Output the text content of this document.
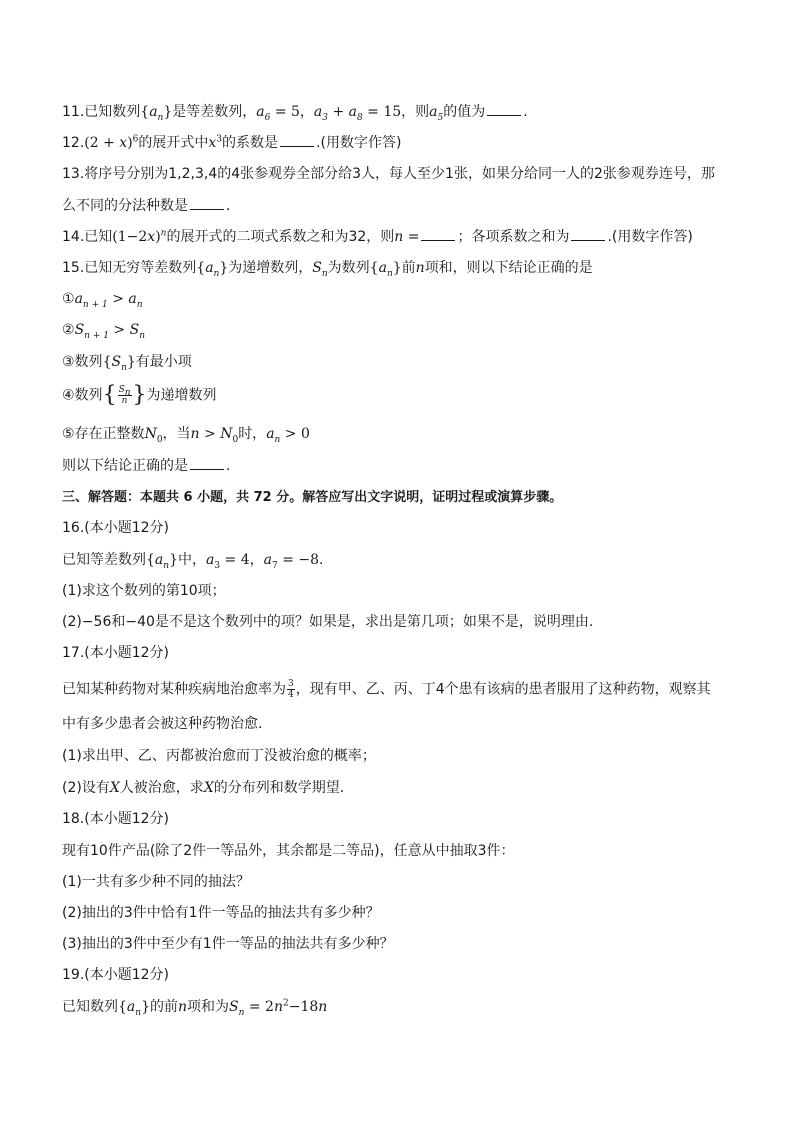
11.已知数列$\{a_n\}$是等差数列，$a_6 = 5$，$a_3 + a_8 = 15$，则$a_5$的值为	.
$12.(2 + x)^6$的展开式中$x^3$的系数是	.(用数字作答)
13.将序号分别为1,2,3,4的4张参观券全部分给3人，每人至少1张，如果分给同一人的2张参观券连号，那
么不同的分法种数是	.
14.已知$(1-2x)^n$的展开式的二项式系数之和为32，则n =	；各项系数之和为	.(用数字作答)
15.已知无穷等差数列$\{a_n\}$为递增数列，$S_n$为数列$\{a_n\}$前n项和，则以下结论正确的是
$①a_{n + 1} > a_n$
$②S_{n + 1} > S_n$
③数列$\{S_n\}$有最小项
④数列{ $\frac{S_n}{n}$ }为递增数列
⑤存在正整数$N_0$，当$n > N_0$时，$a_n > 0$
则以下结论正确的是	.
三、解答题：本题共 6 小题，共 72 分。解答应写出文字说明，证明过程或演算步骤。
16.(本小题12分)
已知等差数列$\{a_n\}$中，$a_3 = 4$，$a_7 = -8$.
(1)求这个数列的第10项；
(2)−56和−40是不是这个数列中的项？如果是，求出是第几项；如果不是，说明理由.
17.(本小题12分)
已知某种药物对某种疾病地治愈率为 $\frac{3}{4}$ ，现有甲、乙、丙、丁4个患有该病的患者服用了这种药物，观察其
中有多少患者会被这种药物治愈.
(1)求出甲、乙、丙都被治愈而丁没被治愈的概率；
(2)设有X人被治愈，求X的分布列和数学期望.
18.(本小题12分)
现有10件产品(除了2件一等品外，其余都是二等品)，任意从中抽取3件：
(1)一共有多少种不同的抽法？
(2)抽出的3件中恰有1件一等品的抽法共有多少种？
(3)抽出的3件中至少有1件一等品的抽法共有多少种？
19.(本小题12分)
已知数列$\{a_n\}$的前n项和为$S_n = 2n^2-18n$
